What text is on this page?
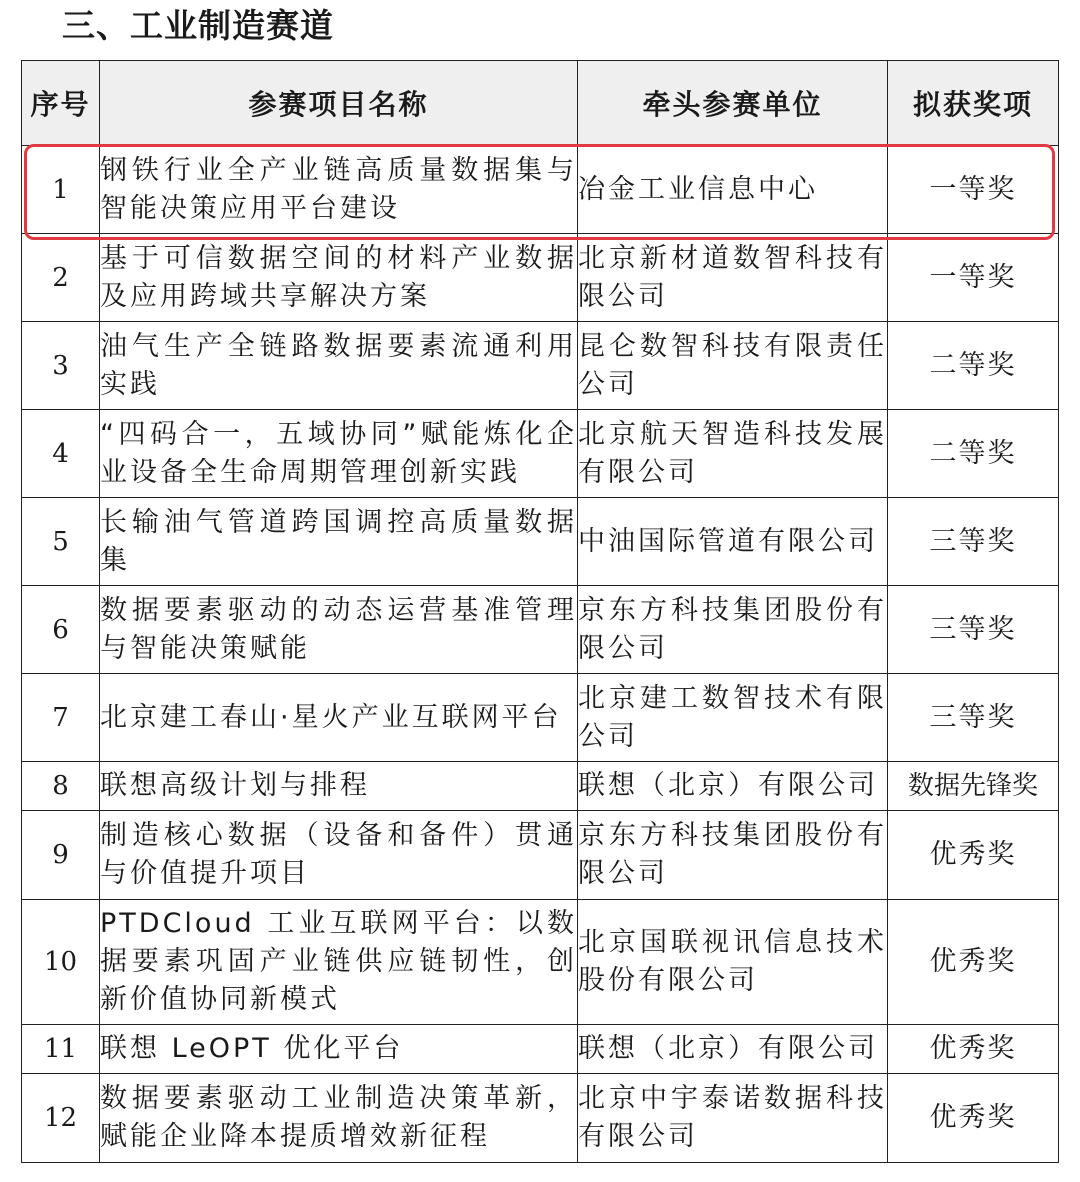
三、工业制造赛道
序号	参赛项目名称	牵头参赛单位	拟获奖项
1	钢铁行业全产业链高质量数据集与智能决策应用平台建设	冶金工业信息中心	一等奖
2	基于可信数据空间的材料产业数据及应用跨域共享解决方案	北京新材道数智科技有限公司	一等奖
3	油气生产全链路数据要素流通利用实践	昆仑数智科技有限责任公司	二等奖
4	“四码合一，五域协同”赋能炼化企业设备全生命周期管理创新实践	北京航天智造科技发展有限公司	二等奖
5	长输油气管道跨国调控高质量数据集	中油国际管道有限公司	三等奖
6	数据要素驱动的动态运营基准管理与智能决策赋能	京东方科技集团股份有限公司	三等奖
7	北京建工春山·星火产业互联网平台	北京建工数智技术有限公司	三等奖
8	联想高级计划与排程	联想（北京）有限公司	数据先锋奖
9	制造核心数据（设备和备件）贯通与价值提升项目	京东方科技集团股份有限公司	优秀奖
10	PTDCloud 工业互联网平台：以数据要素巩固产业链供应链韧性，创新价值协同新模式	北京国联视讯信息技术股份有限公司	优秀奖
11	联想 LeOPT 优化平台	联想（北京）有限公司	优秀奖
12	数据要素驱动工业制造决策革新，赋能企业降本提质增效新征程	北京中宇泰诺数据科技有限公司	优秀奖
